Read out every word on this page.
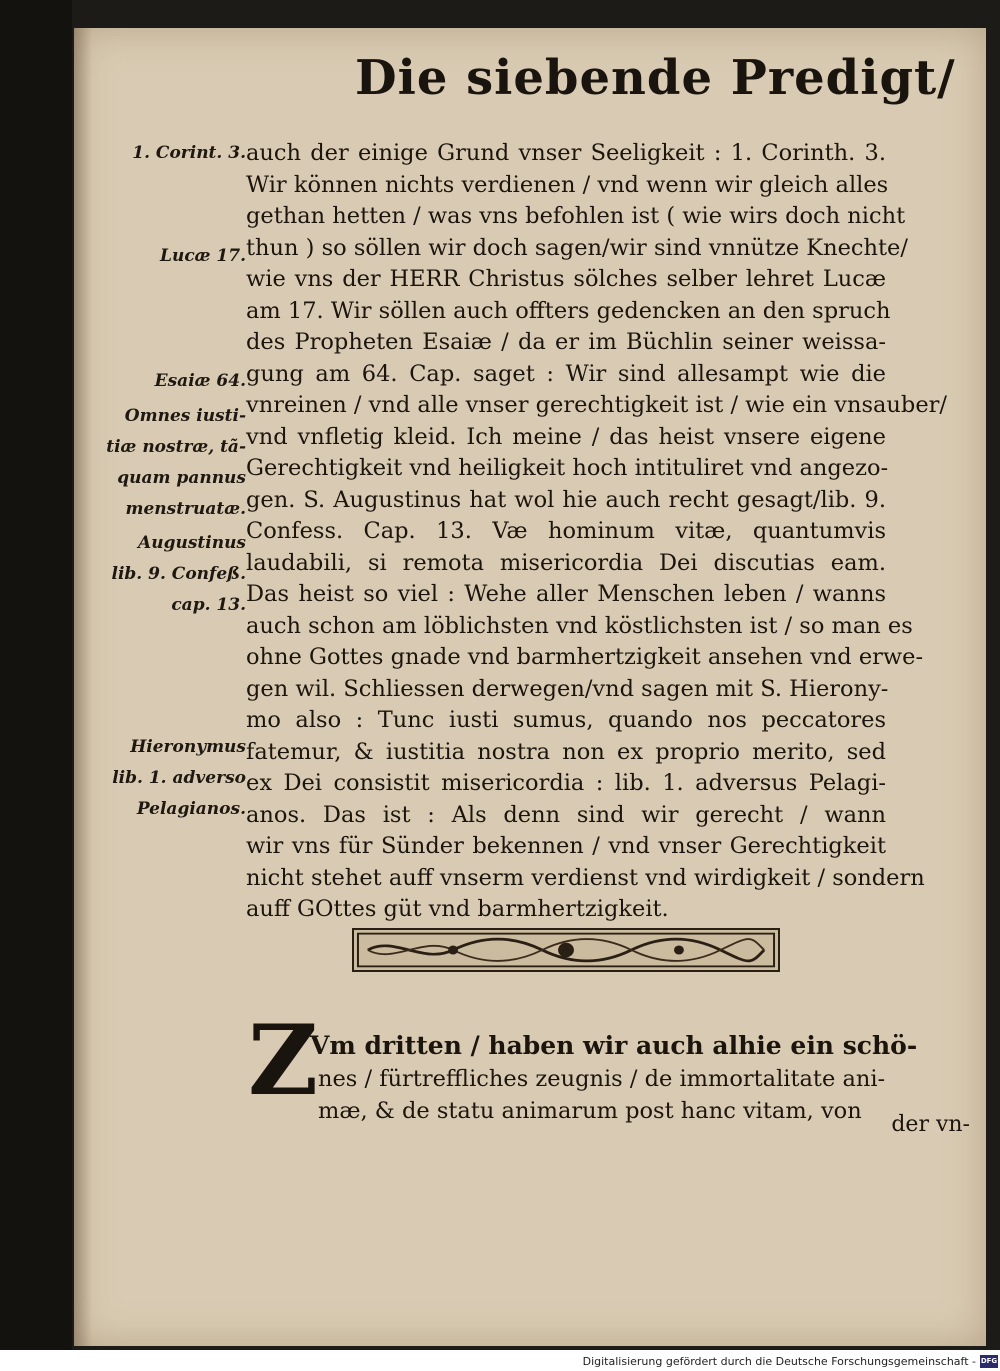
Die siebende Predigt/
1. Corint. 3.
Lucæ 17.
Esaiæ 64.
Omnes iusti-
tiæ nostræ, tã-
quam pannus
menstruatæ.
Augustinus
lib. 9. Confeß.
cap. 13.
Hieronymus
lib. 1. adverso
Pelagianos.
auch der einige Grund vnser Seeligkeit : 1. Corinth. 3.
Wir können nichts verdienen / vnd wenn wir gleich alles
gethan hetten / was vns befohlen ist ( wie wirs doch nicht
thun ) so söllen wir doch sagen/wir sind vnnütze Knechte/
wie vns der HERR Christus sölches selber lehret Lucæ
am 17. Wir söllen auch offters gedencken an den spruch
des Propheten Esaiæ / da er im Büchlin seiner weissa-
gung am 64. Cap. saget : Wir sind allesampt wie die
vnreinen / vnd alle vnser gerechtigkeit ist / wie ein vnsauber/
vnd vnfletig kleid. Ich meine / das heist vnsere eigene
Gerechtigkeit vnd heiligkeit hoch intituliret vnd angezo-
gen. S. Augustinus hat wol hie auch recht gesagt/lib. 9.
Confess. Cap. 13. Væ hominum vitæ, quantumvis
laudabili, si remota misericordia Dei discutias eam.
Das heist so viel : Wehe aller Menschen leben / wanns
auch schon am löblichsten vnd köstlichsten ist / so man es
ohne Gottes gnade vnd barmhertzigkeit ansehen vnd erwe-
gen wil. Schliessen derwegen/vnd sagen mit S. Hierony-
mo also : Tunc iusti sumus, quando nos peccatores
fatemur, & iustitia nostra non ex proprio merito, sed
ex Dei consistit misericordia : lib. 1. adversus Pelagi-
anos. Das ist : Als denn sind wir gerecht / wann
wir vns für Sünder bekennen / vnd vnser Gerechtigkeit
nicht stehet auff vnserm verdienst vnd wirdigkeit / sondern
auff GOttes güt vnd barmhertzigkeit.
Z
Vm dritten / haben wir auch alhie ein schö-
nes / fürtreffliches zeugnis / de immortalitate ani-
mæ, & de statu animarum post hanc vitam, von
der vn-
Digitalisierung gefördert durch die Deutsche Forschungsgemeinschaft - DFG
